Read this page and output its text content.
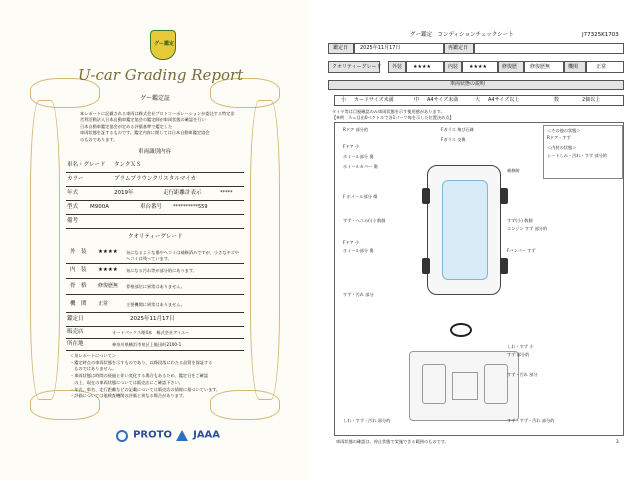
グー鑑定
U-car Grading Report
グー鑑定証
本レポートに記載される車両は株式会社プロトコーポレーションが委託する特定非
営利活動法人日本自動車鑑定協会の鑑定師が車両状態の確認を行い
日本自動車鑑定協会が定める評価基準で鑑定した
車両状態を証するものです。鑑定内容に関しては日本自動車鑑定協会
のものであります。
車両識別内容
車名・グレード タンクＸＳ
カラー	プラムブラウンクリスタルマイカ
年式	2019年	走行距離計表示	*****
型式 M900A	車台番号 **********559
備考
クオリティーグレード
外　装 ★★★★ 気になるような傷やヘコミは補修済みですが、小さなキズや
ヘコミは残っています。
内　装 ★★★★ 気になる汚れ等が部分的にあります。
骨　格 修復歴無 骨格部位に異常はありません。
機　関 正常	主要機関に異常はありません。
鑑定日	2025年11月17日
販売店	オートパックス理4本　株式会社アイエー
所在地	神奈川県横浜市泉区上飯田町2100-1
＜気レポートについて＞
・鑑定時点の車両状態を示すものであり、以降段落にわたる品質を保証する
　ものではありません。
・車両状態は時間の経過と伴い変化する場合もあるため、鑑定日をご確認
　の上、現在の車両状態については販売店にご確認下さい。
・年式、車名、走行距離などの記載については販売店の情報に基づいています。
・評価については他検査機関の評価と異なる場合があります。
PROTO	JAAA
J77325K1703
グー鑑定　コンディションチェックシート
鑑定日 2025年11月17日	再鑑定日
クオリティーグレード 外装 ★★★★	内装 ★★★★	修復歴	修復歴無	機関	正常
車両状態の説明
小 カードサイズ未満	中 A4サイズ未満	大 A4サイズ以上	数	2個以上
タイヤ等は目視確認のみ車両状態を示す使用感があります。
【※例　Ａ＝目出0ベクトルで各1パーツ毎を示した位置決め点】
Fガラス 飛び石跡
Fガラス 交換
Rドア 部分的
Fドア 小
ホイール部分 傷
ホイールカバー 傷
補修跡
F ホイール部分 傷
すず・ヘコみ(小) 数個	すず(小) 数個
エンジン すず 部分的
Fドア 小
ホイール部分 傷	Fバンパー すず
すず・汚れ 部分
しわ・すず 小
すず 部分的
しわ・すず・汚れ 部分的
すず・汚れ 部分
すず・すず・汚れ 部分的
＜その他の状態＞
Rドア - すず
＜内装の状態＞
シートしみ・汚れ・すず 部分的
車両状態の確認は、停止状態で実施できる範囲のものです。	3
